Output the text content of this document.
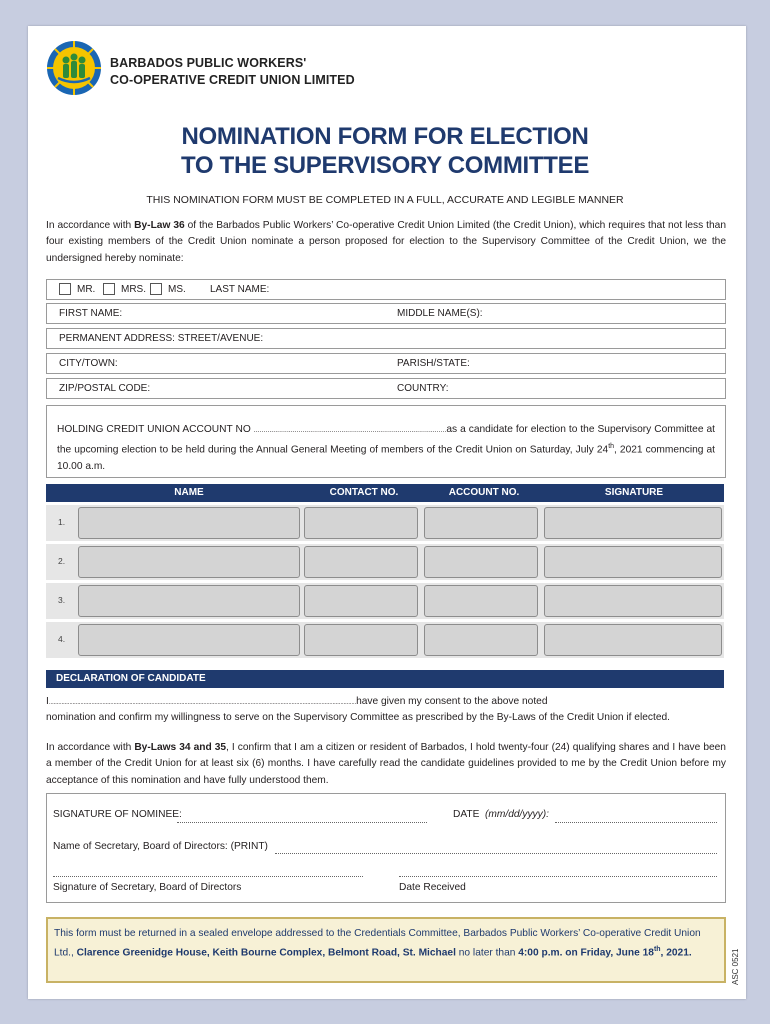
BARBADOS PUBLIC WORKERS'
CO-OPERATIVE CREDIT UNION LIMITED
NOMINATION FORM FOR ELECTION
TO THE SUPERVISORY COMMITTEE
THIS NOMINATION FORM MUST BE COMPLETED IN A FULL, ACCURATE AND LEGIBLE MANNER
In accordance with By-Law 36 of the Barbados Public Workers’ Co-operative Credit Union Limited (the Credit Union), which requires that not less than four existing members of the Credit Union nominate a person proposed for election to the Supervisory Committee of the Credit Union, we the undersigned hereby nominate:
MR.	MRS. MS. LAST NAME:
FIRST NAME:	MIDDLE NAME(S):
PERMANENT ADDRESS: STREET/AVENUE:
CITY/TOWN:	PARISH/STATE:
ZIP/POSTAL CODE:	COUNTRY:

HOLDING CREDIT UNION ACCOUNT NO ...................................................................................................as a candidate for election to the Supervisory Committee at the upcoming election to be held during the Annual General Meeting of members of the Credit Union on Saturday, July 24th, 2021 commencing at 10.00 a.m.

NAME	CONTACT NO.	ACCOUNT NO.	SIGNATURE
1.
2.
3.
4.
DECLARATION OF CANDIDATE
I...................................................................................................................................................................................................have given my consent to the above noted
nomination and confirm my willingness to serve on the Supervisory Committee as prescribed by the By-Laws of the Credit Union if elected.
In accordance with By-Laws 34 and 35, I confirm that I am a citizen or resident of Barbados, I hold twenty-four (24) qualifying shares and I have been a member of the Credit Union for at least six (6) months. I have carefully read the candidate guidelines provided to me by the Credit Union before my acceptance of this nomination and have fully understood them.
SIGNATURE OF NOMINEE:	DATE (mm/dd/yyyy):
Name of Secretary, Board of Directors: (PRINT)
Signature of Secretary, Board of Directors	Date Received

This form must be returned in a sealed envelope addressed to the Credentials Committee, Barbados Public Workers’ Co-operative Credit Union Ltd., Clarence Greenidge House, Keith Bourne Complex, Belmont Road, St. Michael no later than 4:00 p.m. on Friday, June 18th, 2021.	ASC 0521
